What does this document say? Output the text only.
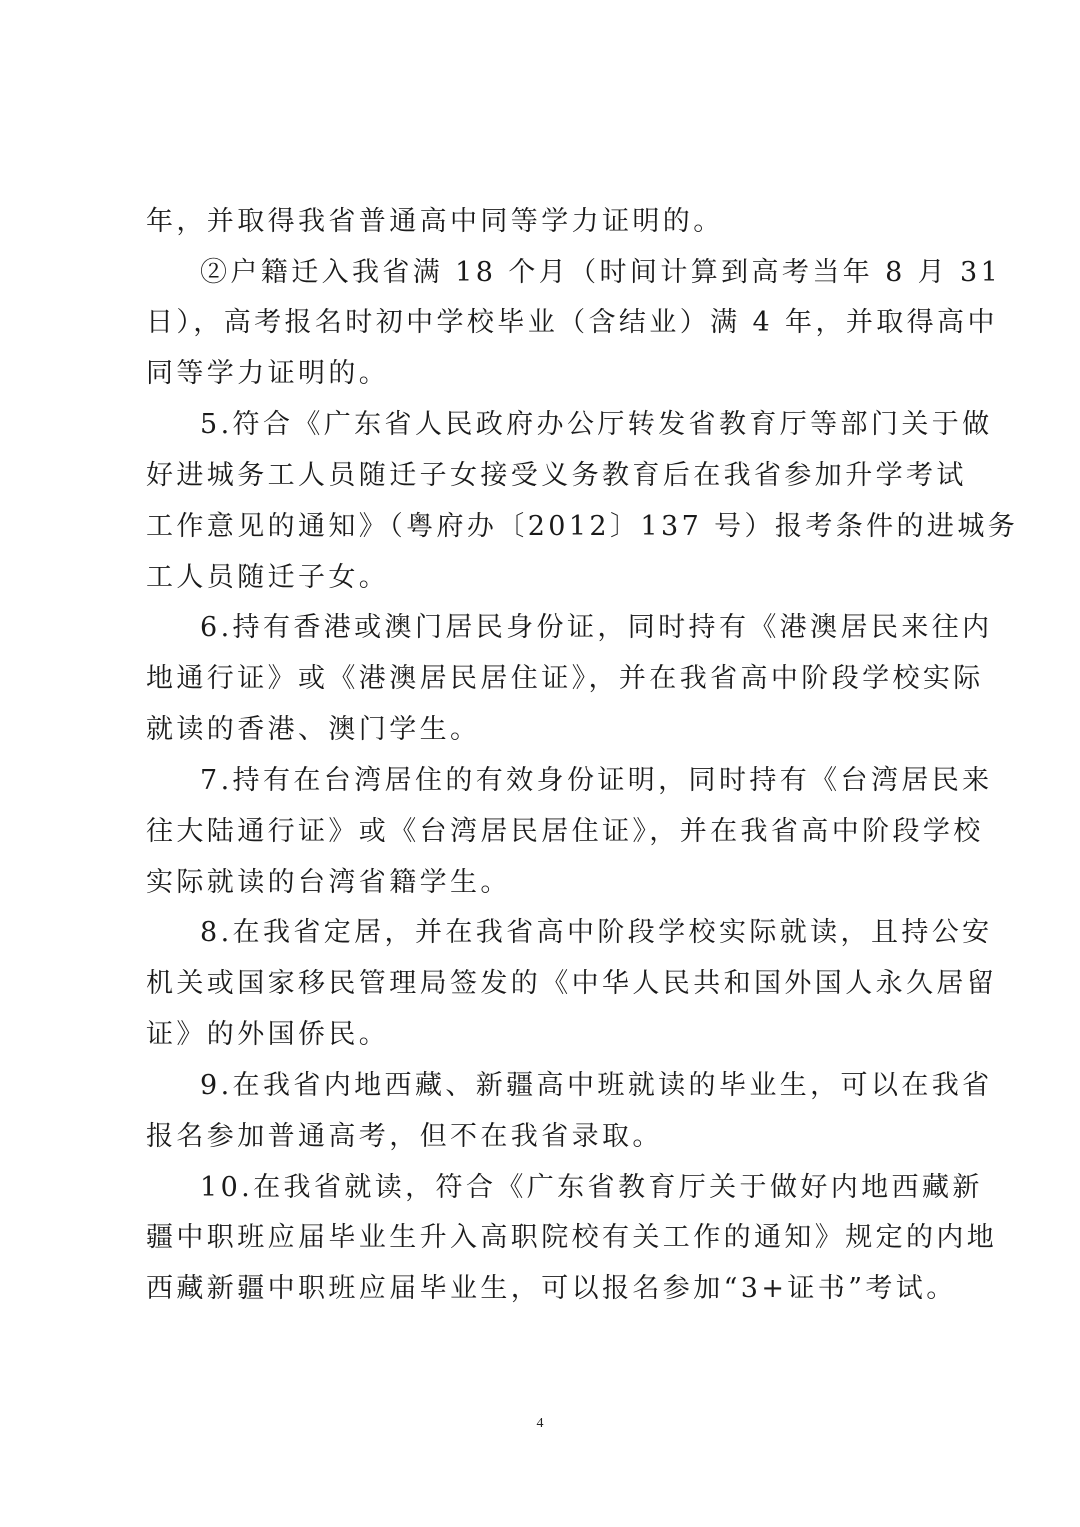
年，并取得我省普通高中同等学力证明的。
②户籍迁入我省满 18 个月（时间计算到高考当年 8 月 31
日），高考报名时初中学校毕业（含结业）满 4 年，并取得高中
同等学力证明的。
5.符合《广东省人民政府办公厅转发省教育厅等部门关于做
好进城务工人员随迁子女接受义务教育后在我省参加升学考试
工作意见的通知》（粤府办〔2012〕137 号）报考条件的进城务
工人员随迁子女。
6.持有香港或澳门居民身份证，同时持有《港澳居民来往内
地通行证》或《港澳居民居住证》，并在我省高中阶段学校实际
就读的香港、澳门学生。
7.持有在台湾居住的有效身份证明，同时持有《台湾居民来
往大陆通行证》或《台湾居民居住证》，并在我省高中阶段学校
实际就读的台湾省籍学生。
8.在我省定居，并在我省高中阶段学校实际就读，且持公安
机关或国家移民管理局签发的《中华人民共和国外国人永久居留
证》的外国侨民。
9.在我省内地西藏、新疆高中班就读的毕业生，可以在我省
报名参加普通高考，但不在我省录取。
10.在我省就读，符合《广东省教育厅关于做好内地西藏新
疆中职班应届毕业生升入高职院校有关工作的通知》规定的内地
西藏新疆中职班应届毕业生，可以报名参加“3+证书”考试。
4
